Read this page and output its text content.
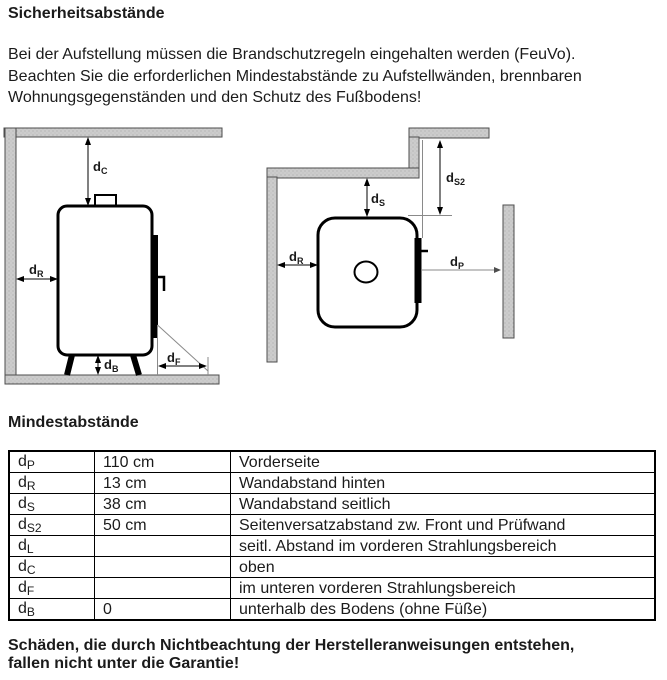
Sicherheitsabstände
Bei der Aufstellung müssen die Brandschutzregeln eingehalten werden (FeuVo).
Beachten Sie die erforderlichen Mindestabstände zu Aufstellwänden, brennbaren
Wohnungsgegenständen und den Schutz des Fußbodens!
$d_C$
$d_R$
$d_B$
$d_F$
$d_S$
$d_{S2}$
$d_R$	$d_P$
Mindestabstände
dP	110 cm	Vorderseite
dR	13 cm	Wandabstand hinten
dS	38 cm	Wandabstand seitlich
dS2	50 cm	Seitenversatzabstand zw. Front und Prüfwand
dL		seitl. Abstand im vorderen Strahlungsbereich
dC		oben
dF		im unteren vorderen Strahlungsbereich
dB	0	unterhalb des Bodens (ohne Füße)
Schäden, die durch Nichtbeachtung der Herstelleranweisungen entstehen,
fallen nicht unter die Garantie!
